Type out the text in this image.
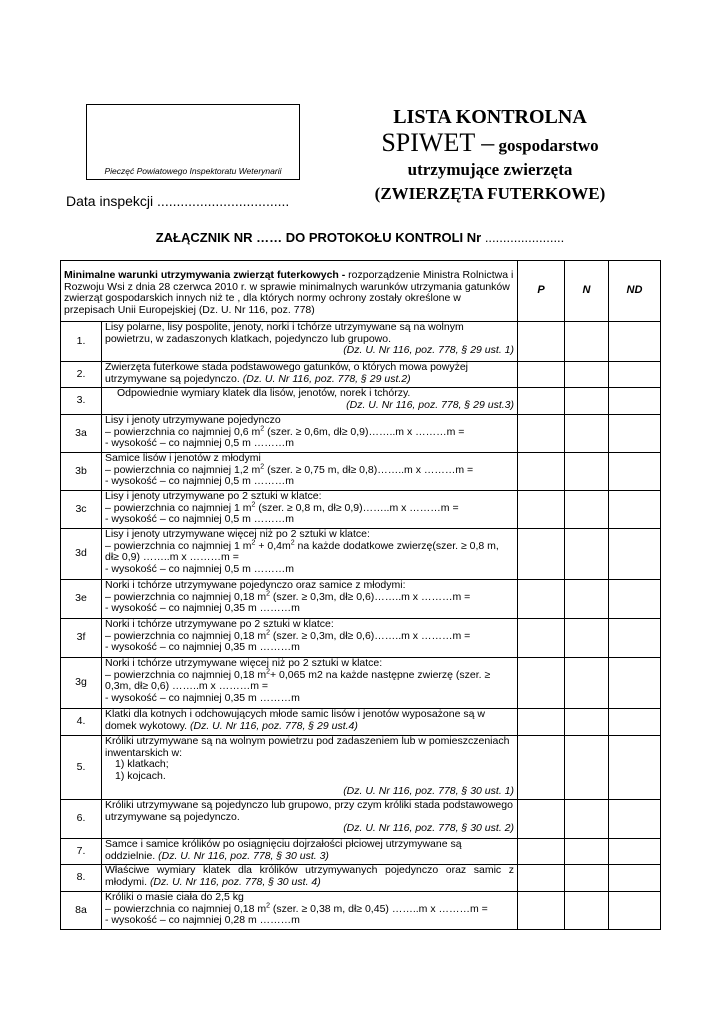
Pieczęć Powiatowego Inspektoratu Weterynarii
Data inspekcji ..................................
LISTA KONTROLNA
SPIWET – gospodarstwo
utrzymujące zwierzęta
(ZWIERZĘTA FUTERKOWE)
ZAŁĄCZNIK NR …… DO PROTOKOŁU KONTROLI Nr ......................
Minimalne warunki utrzymywania zwierząt futerkowych - rozporządzenie Ministra Rolnictwa i Rozwoju Wsi z dnia 28 czerwca 2010 r. w sprawie minimalnych warunków utrzymania gatunków zwierząt gospodarskich innych niż te , dla których normy ochrony zostały określone w przepisach Unii Europejskiej (Dz. U. Nr 116, poz. 778)		P	N	ND
1.	Lisy polarne, lisy pospolite, jenoty, norki i tchórze utrzymywane są na wolnym powietrzu, w zadaszonych klatkach, pojedynczo lub grupowo.
(Dz. U. Nr 116, poz. 778, § 29 ust. 1)			

2.	Zwierzęta futerkowe stada podstawowego gatunków, o których mowa powyżej utrzymywane są pojedynczo. (Dz. U. Nr 116, poz. 778, § 29 ust.2)			
3.	Odpowiednie wymiary klatek dla lisów, jenotów, norek i tchórzy.
(Dz. U. Nr 116, poz. 778, § 29 ust.3)			

3a	Lisy i jenoty utrzymywane pojedynczo
– powierzchnia co najmniej 0,6 $m^2$ (szer. ≥ 0,6m, dł≥ 0,9)……..m x ………m =
- wysokość – co najmniej 0,5 m ………m			

3b	Samice lisów i jenotów z młodymi
– powierzchnia co najmniej 1,2 $m^2$ (szer. ≥ 0,75 m, dł≥ 0,8)……..m x ………m =
- wysokość – co najmniej 0,5 m ………m			

3c	Lisy i jenoty utrzymywane po 2 sztuki w klatce:
– powierzchnia co najmniej 1 $m^2$ (szer. ≥ 0,8 m, dł≥ 0,9)……..m x ………m =
- wysokość – co najmniej 0,5 m ………m			

3d	Lisy i jenoty utrzymywane więcej niż po 2 sztuki w klatce:
– powierzchnia co najmniej 1 $m^2 + 0,4m^2$ na każde dodatkowe zwierzę(szer. ≥ 0,8 m, dł≥ 0,9) ……..m x ………m =
- wysokość – co najmniej 0,5 m ………m			

3e	Norki i tchórze utrzymywane pojedynczo oraz samice z młodymi:
– powierzchnia co najmniej 0,18 $m^2$ (szer. ≥ 0,3m, dł≥ 0,6)……..m x ………m =
- wysokość – co najmniej 0,35 m ………m			

3f	Norki i tchórze utrzymywane po 2 sztuki w klatce:
– powierzchnia co najmniej 0,18 $m^2$ (szer. ≥ 0,3m, dł≥ 0,6)……..m x ………m =
- wysokość – co najmniej 0,35 m ………m			

3g	Norki i tchórze utrzymywane więcej niż po 2 sztuki w klatce:
– powierzchnia co najmniej 0,18 $m^2+ 0,065$ m2 na każde następne zwierzę (szer. ≥ 0,3m, dł≥ 0,6) ……..m x ………m =
- wysokość – co najmniej 0,35 m ………m			

4.	Klatki dla kotnych i odchowujących młode samic lisów i jenotów wyposażone są w domek wykotowy. (Dz. U. Nr 116, poz. 778, § 29 ust.4)			
5.	Króliki utrzymywane są na wolnym powietrzu pod zadaszeniem lub w pomieszczeniach inwentarskich w:
1) klatkach;
1) kojcach.
(Dz. U. Nr 116, poz. 778, § 30 ust. 1)			

6.	Króliki utrzymywane są pojedynczo lub grupowo, przy czym króliki stada podstawowego utrzymywane są pojedynczo.
(Dz. U. Nr 116, poz. 778, § 30 ust. 2)			

7.	Samce i samice królików po osiągnięciu dojrzałości płciowej utrzymywane są oddzielnie. (Dz. U. Nr 116, poz. 778, § 30 ust. 3)			
8.	Właściwe wymiary klatek dla królików utrzymywanych pojedynczo oraz samic z młodymi. (Dz. U. Nr 116, poz. 778, § 30 ust. 4)			
8a	Króliki o masie ciała do 2,5 kg
– powierzchnia co najmniej 0,18 $m^2$ (szer. ≥ 0,38 m, dł≥ 0,45) ……..m x ………m =
- wysokość – co najmniej 0,28 m ………m			
